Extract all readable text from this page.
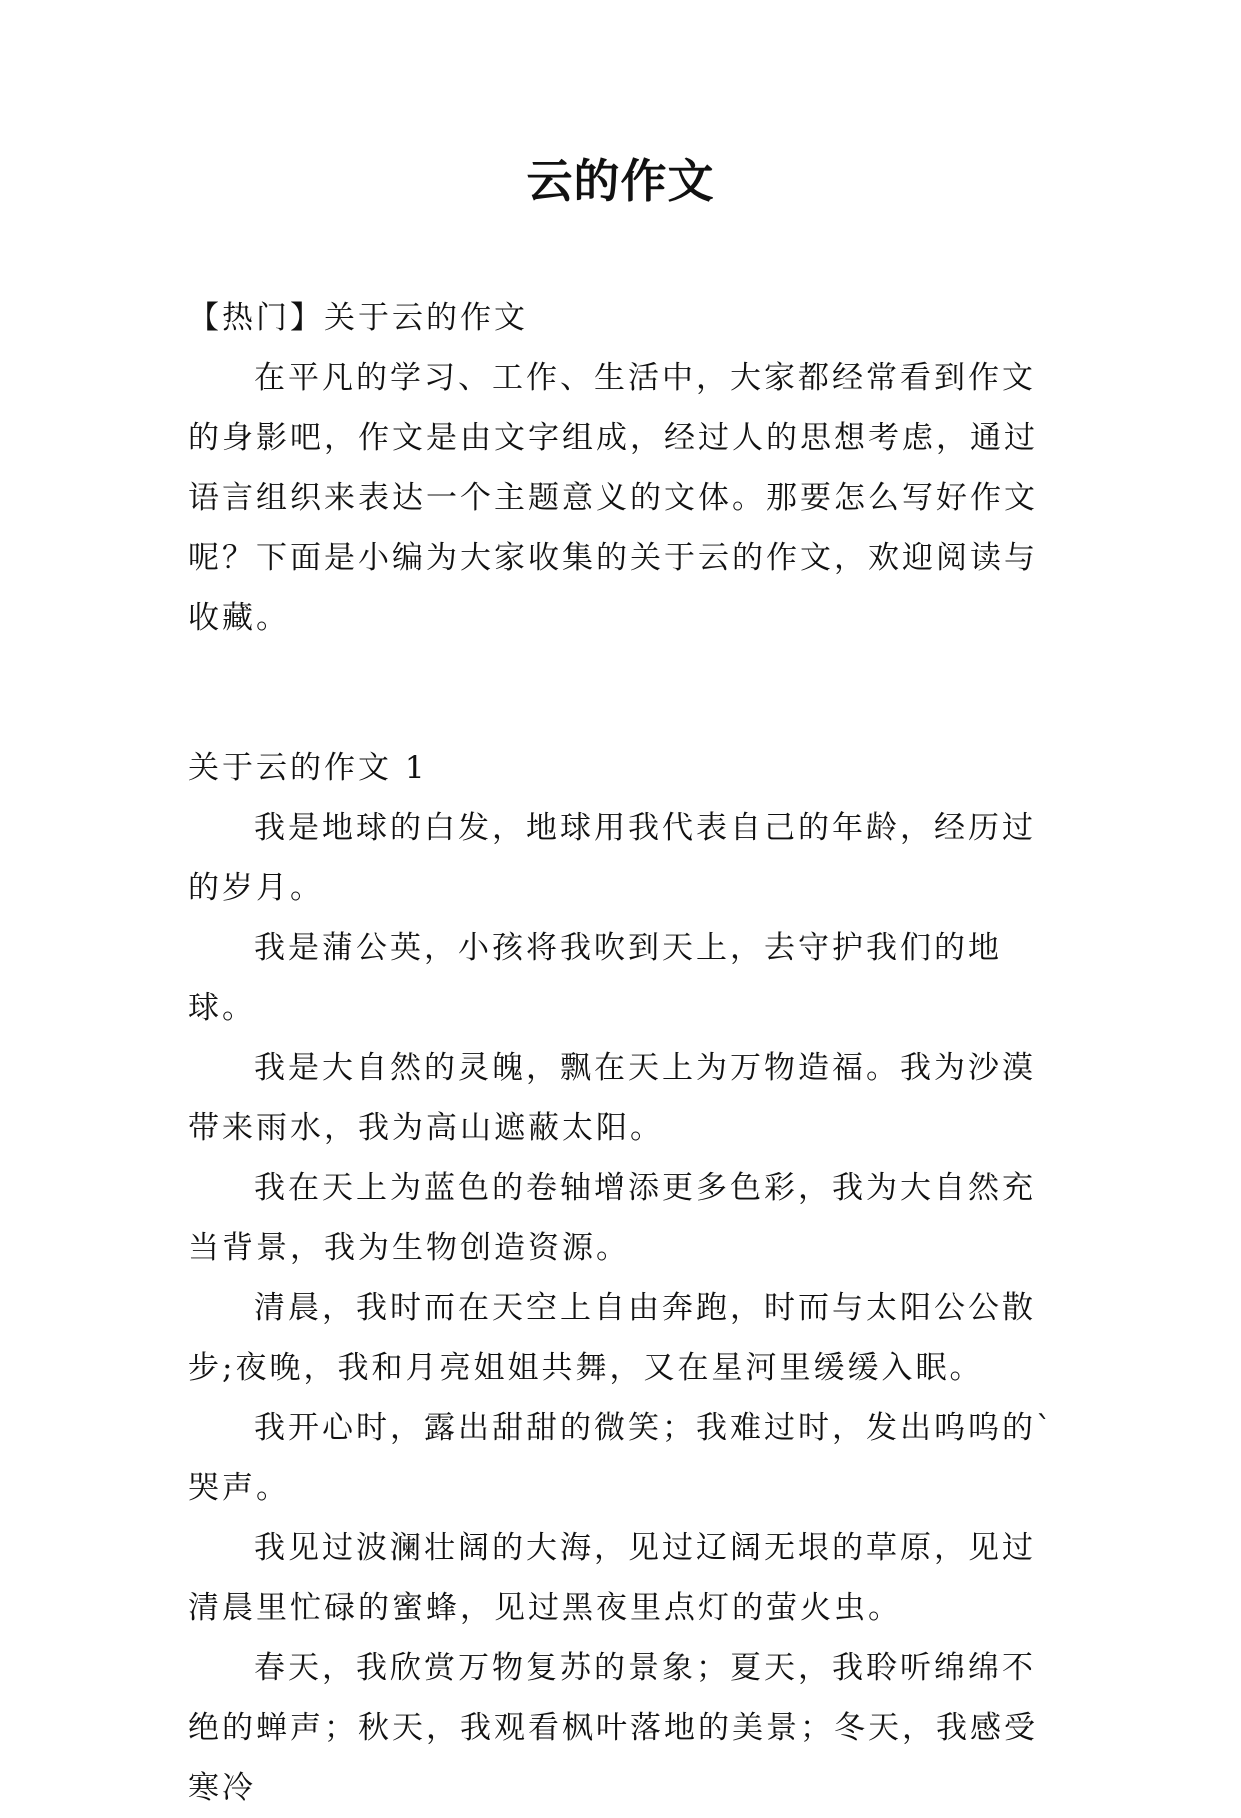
云的作文

【热门】关于云的作文

在平凡的学习、工作、生活中，大家都经常看到作文的身影吧，作文是由文字组成，经过人的思想考虑，通过语言组织来表达一个主题意义的文体。那要怎么写好作文呢？下面是小编为大家收集的关于云的作文，欢迎阅读与收藏。

关于云的作文 1

我是地球的白发，地球用我代表自己的年龄，经历过的岁月。

我是蒲公英，小孩将我吹到天上，去守护我们的地球。

我是大自然的灵魄，飘在天上为万物造福。我为沙漠带来雨水，我为高山遮蔽太阳。

我在天上为蓝色的卷轴增添更多色彩，我为大自然充当背景，我为生物创造资源。

清晨，我时而在天空上自由奔跑，时而与太阳公公散步;夜晚，我和月亮姐姐共舞，又在星河里缓缓入眠。

我开心时，露出甜甜的微笑；我难过时，发出呜呜的`哭声。

我见过波澜壮阔的大海，见过辽阔无垠的草原，见过清晨里忙碌的蜜蜂，见过黑夜里点灯的萤火虫。

春天，我欣赏万物复苏的景象；夏天，我聆听绵绵不绝的蝉声；秋天，我观看枫叶落地的美景；冬天，我感受寒冷
